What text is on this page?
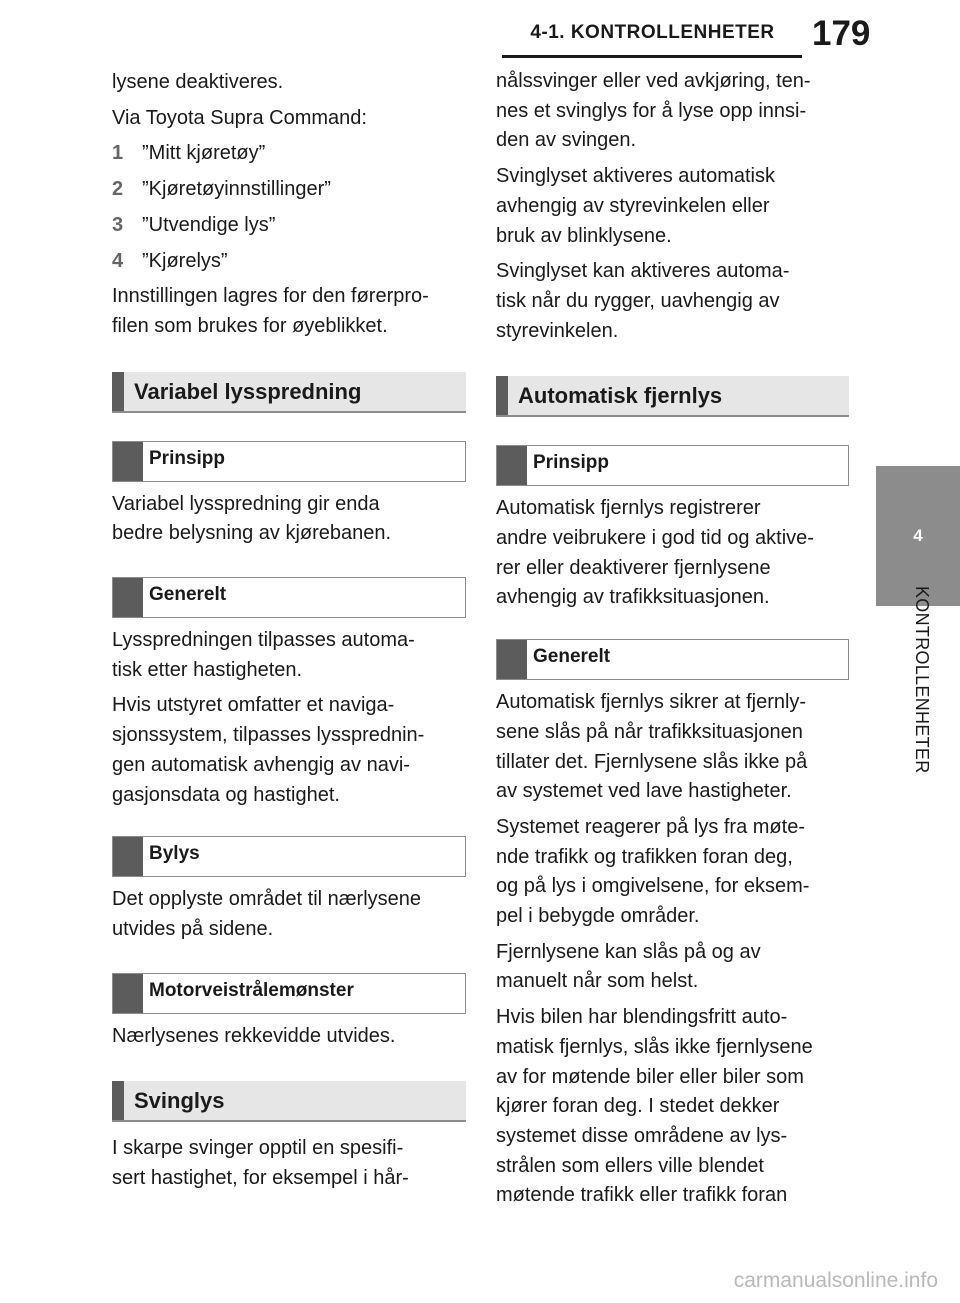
4-1. KONTROLLENHETER 179
4
KONTROLLENHETER

lysene deaktiveres.

Via Toyota Supra Command:

1 ”Mitt kjøretøy”
2 ”Kjøretøyinnstillinger”
3 ”Utvendige lys”
4 ”Kjørelys”

Innstillingen lagres for den førerpro-

filen som brukes for øyeblikket.

Variabel lysspredning
Prinsipp

Variabel lysspredning gir enda

bedre belysning av kjørebanen.

Generelt

Lysspredningen tilpasses automa-

tisk etter hastigheten.

Hvis utstyret omfatter et naviga-

sjonssystem, tilpasses lyssprednin-

gen automatisk avhengig av navi-

gasjonsdata og hastighet.

Bylys

Det opplyste området til nærlysene

utvides på sidene.

Motorveistrålemønster

Nærlysenes rekkevidde utvides.

Svinglys

I skarpe svinger opptil en spesifi-

sert hastighet, for eksempel i hår-

nålssvinger eller ved avkjøring, ten-

nes et svinglys for å lyse opp innsi-

den av svingen.

Svinglyset aktiveres automatisk

avhengig av styrevinkelen eller

bruk av blinklysene.

Svinglyset kan aktiveres automa-

tisk når du rygger, uavhengig av

styrevinkelen.

Automatisk fjernlys
Prinsipp

Automatisk fjernlys registrerer

andre veibrukere i god tid og aktive-

rer eller deaktiverer fjernlysene

avhengig av trafikksituasjonen.

Generelt

Automatisk fjernlys sikrer at fjernly-

sene slås på når trafikksituasjonen

tillater det. Fjernlysene slås ikke på

av systemet ved lave hastigheter.

Systemet reagerer på lys fra møte-

nde trafikk og trafikken foran deg,

og på lys i omgivelsene, for eksem-

pel i bebygde områder.

Fjernlysene kan slås på og av

manuelt når som helst.

Hvis bilen har blendingsfritt auto-

matisk fjernlys, slås ikke fjernlysene

av for møtende biler eller biler som

kjører foran deg. I stedet dekker

systemet disse områdene av lys-

strålen som ellers ville blendet

møtende trafikk eller trafikk foran

carmanualsonline.info
